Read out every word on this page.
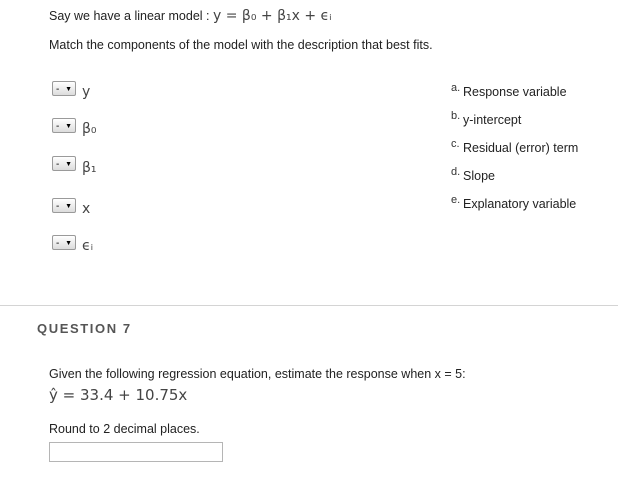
Say we have a linear model : y = β₀ + β₁x + ϵᵢ
Match the components of the model with the description that best fits.
- ▼ y
- ▼ β₀
- ▼ β₁
- ▼ x
- ▼ ϵᵢ
a. Response variable
b. y-intercept
c. Residual (error) term
d. Slope
e. Explanatory variable
QUESTION 7
Given the following regression equation, estimate the response when x = 5:
ŷ = 33.4 + 10.75x
Round to 2 decimal places.
